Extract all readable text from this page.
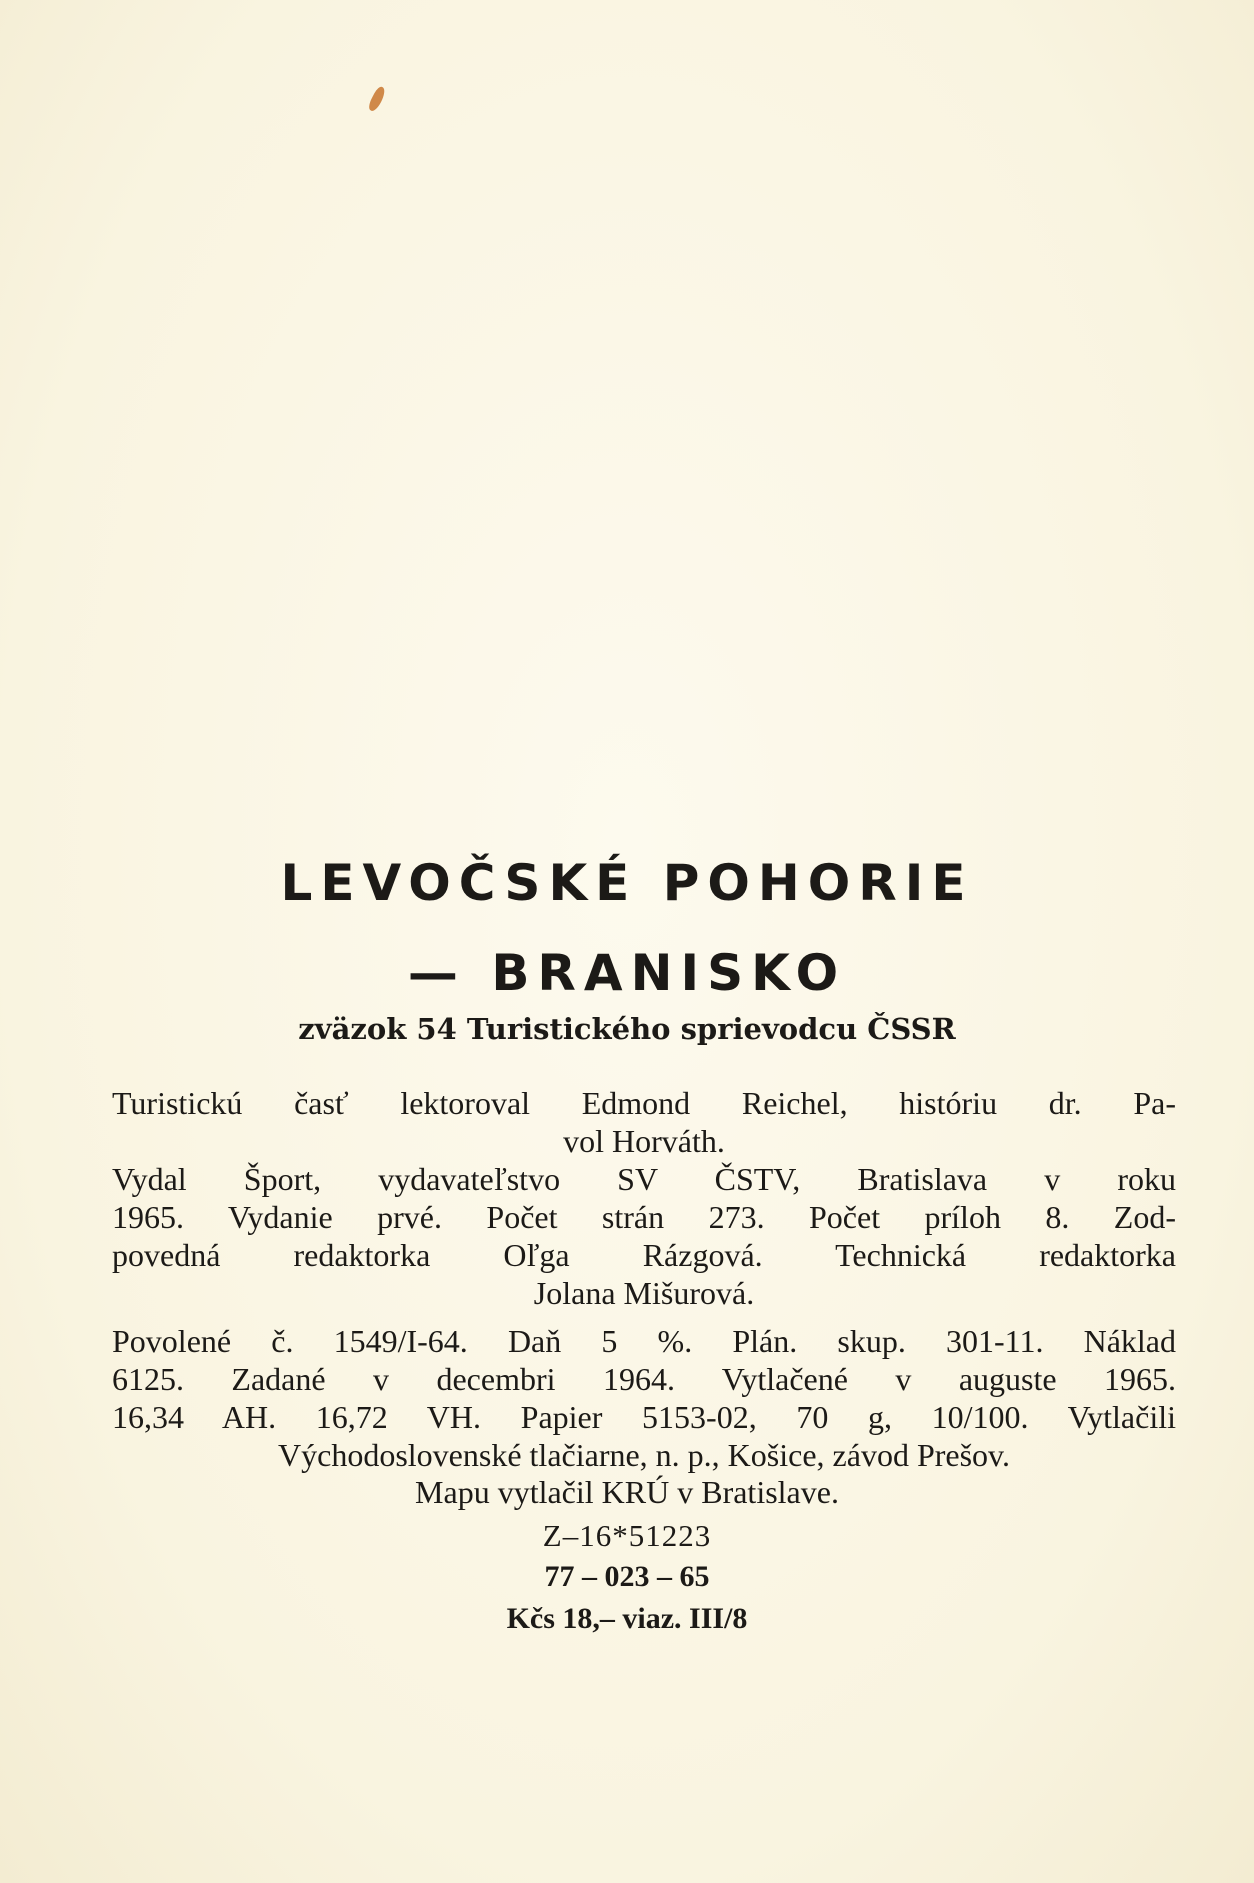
LEVOČSKÉ POHORIE
— BRANISKO
zväzok 54 Turistického sprievodcu ČSSR
Turistickú časť lektoroval Edmond Reichel, históriu dr. Pa-
vol Horváth.
Vydal Šport, vydavateľstvo SV ČSTV, Bratislava v roku
1965. Vydanie prvé. Počet strán 273. Počet príloh 8. Zod-
povedná redaktorka Oľga Rázgová. Technická redaktorka
Jolana Mišurová.
Povolené č. 1549/I-64. Daň 5 %. Plán. skup. 301-11. Náklad
6125. Zadané v decembri 1964. Vytlačené v auguste 1965.
16,34 AH. 16,72 VH. Papier 5153-02, 70 g, 10/100. Vytlačili
Východoslovenské tlačiarne, n. p., Košice, závod Prešov.
Mapu vytlačil KRÚ v Bratislave.
Z–16*51223
77 – 023 – 65
Kčs 18,– viaz. III/8
